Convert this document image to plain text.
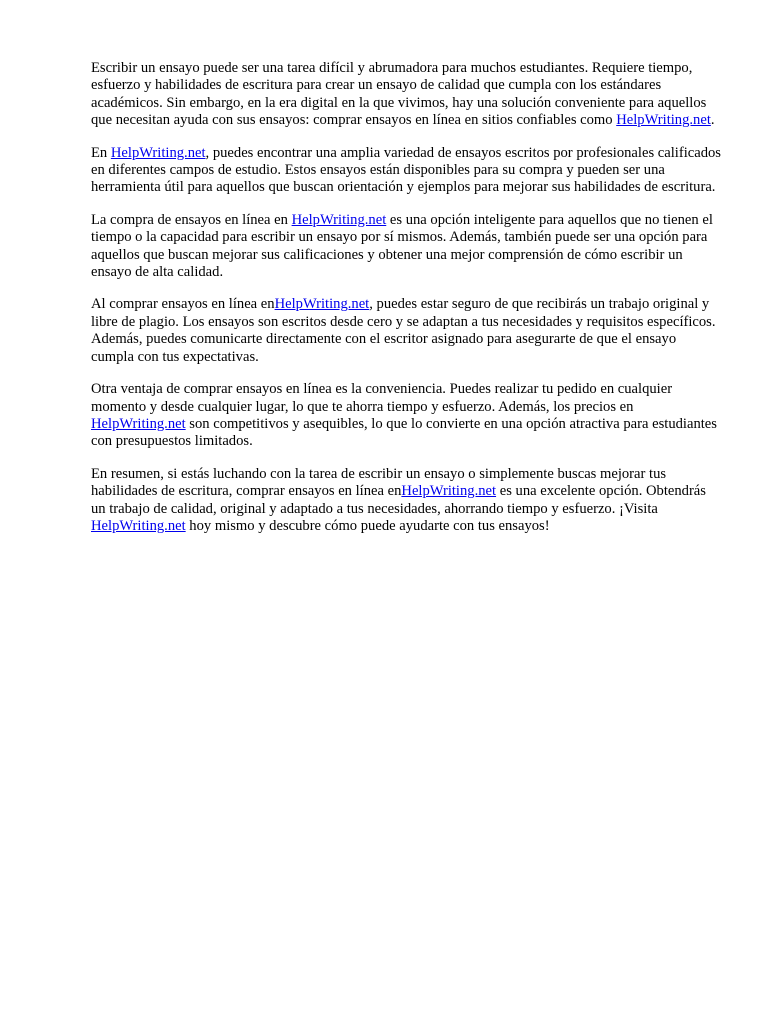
Escribir un ensayo puede ser una tarea difícil y abrumadora para muchos estudiantes. Requiere tiempo, esfuerzo y habilidades de escritura para crear un ensayo de calidad que cumpla con los estándares académicos. Sin embargo, en la era digital en la que vivimos, hay una solución conveniente para aquellos que necesitan ayuda con sus ensayos: comprar ensayos en línea en sitios confiables como HelpWriting.net.

En HelpWriting.net, puedes encontrar una amplia variedad de ensayos escritos por profesionales calificados en diferentes campos de estudio. Estos ensayos están disponibles para su compra y pueden ser una herramienta útil para aquellos que buscan orientación y ejemplos para mejorar sus habilidades de escritura.

La compra de ensayos en línea en HelpWriting.net es una opción inteligente para aquellos que no tienen el tiempo o la capacidad para escribir un ensayo por sí mismos. Además, también puede ser una opción para aquellos que buscan mejorar sus calificaciones y obtener una mejor comprensión de cómo escribir un ensayo de alta calidad.

Al comprar ensayos en línea enHelpWriting.net, puedes estar seguro de que recibirás un trabajo original y libre de plagio. Los ensayos son escritos desde cero y se adaptan a tus necesidades y requisitos específicos. Además, puedes comunicarte directamente con el escritor asignado para asegurarte de que el ensayo cumpla con tus expectativas.

Otra ventaja de comprar ensayos en línea es la conveniencia. Puedes realizar tu pedido en cualquier momento y desde cualquier lugar, lo que te ahorra tiempo y esfuerzo. Además, los precios en HelpWriting.net son competitivos y asequibles, lo que lo convierte en una opción atractiva para estudiantes con presupuestos limitados.

En resumen, si estás luchando con la tarea de escribir un ensayo o simplemente buscas mejorar tus habilidades de escritura, comprar ensayos en línea enHelpWriting.net es una excelente opción. Obtendrás un trabajo de calidad, original y adaptado a tus necesidades, ahorrando tiempo y esfuerzo. ¡Visita HelpWriting.net hoy mismo y descubre cómo puede ayudarte con tus ensayos!
